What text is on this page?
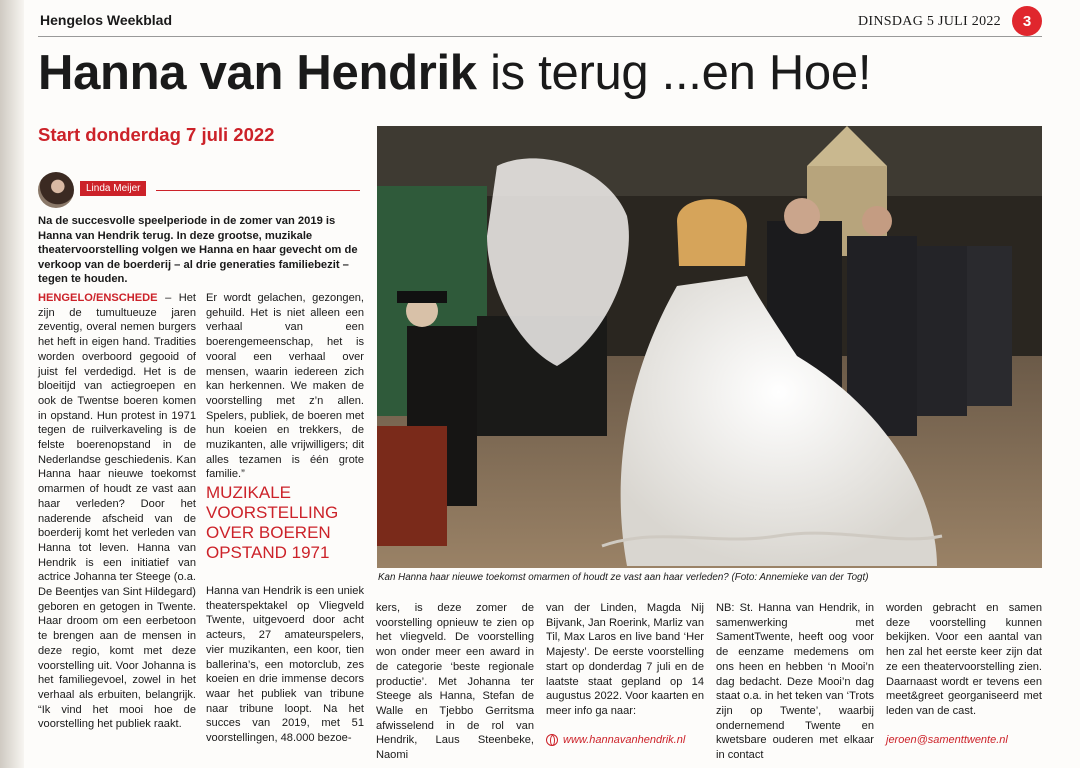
Hengelos Weekblad	DINSDAG 5 JULI 2022	3
Hanna van Hendrik is terug ...en Hoe!
Start donderdag 7 juli 2022
Linda Meijer
Na de succesvolle speelperiode in de zomer van 2019 is Hanna van Hendrik terug. In deze grootse, muzikale theatervoorstelling volgen we Hanna en haar gevecht om de verkoop van de boerderij – al drie generaties familiebezit – tegen te houden.
HENGELO/ENSCHEDE – Het zijn de tumultueuze jaren zeventig, overal nemen burgers het heft in eigen hand. Tradities worden overboord gegooid of juist fel verdedigd. Het is de bloeitijd van actiegroepen en ook de Twentse boeren komen in opstand. Hun protest in 1971 tegen de ruilverkaveling is de felste boerenopstand in de Nederlandse geschiedenis. Kan Hanna haar nieuwe toekomst omarmen of houdt ze vast aan haar verleden? Door het naderende afscheid van de boerderij komt het verleden van Hanna tot leven. Hanna van Hendrik is een initiatief van actrice Johanna ter Steege (o.a. De Beentjes van Sint Hildegard) geboren en getogen in Twente. Haar droom om een eerbetoon te brengen aan de mensen in deze regio, komt met deze voorstelling uit. Voor Johanna is het familiegevoel, zowel in het verhaal als erbuiten, belangrijk. “Ik vind het mooi hoe de voorstelling het publiek raakt.
Er wordt gelachen, gezongen, gehuild. Het is niet alleen een verhaal van een boerengemeenschap, het is vooral een verhaal over mensen, waarin iedereen zich kan herkennen. We maken de voorstelling met z’n allen. Spelers, publiek, de boeren met hun koeien en trekkers, de muzikanten, alle vrijwilligers; dit alles tezamen is één grote familie.”
MUZIKALE VOORSTELLING OVER BOEREN OPSTAND 1971
Hanna van Hendrik is een uniek theaterspektakel op Vliegveld Twente, uitgevoerd door acht acteurs, 27 amateurspelers, vier muzikanten, een koor, tien ballerina’s, een motorclub, zes koeien en drie immense decors waar het publiek van tribune naar tribune loopt. Na het succes van 2019, met 51 voorstellingen, 48.000 bezoe-
Kan Hanna haar nieuwe toekomst omarmen of houdt ze vast aan haar verleden? (Foto: Annemieke van der Togt)
kers, is deze zomer de voorstelling opnieuw te zien op het vliegveld. De voorstelling won onder meer een award in de categorie ‘beste regionale productie’. Met Johanna ter Steege als Hanna, Stefan de Walle en Tjebbo Gerritsma afwisselend in de rol van Hendrik, Laus Steenbeke, Naomi
van der Linden, Magda Nij Bijvank, Jan Roerink, Marliz van Til, Max Laros en live band ‘Her Majesty’. De eerste voorstelling start op donderdag 7 juli en de laatste staat gepland op 14 augustus 2022. Voor kaarten en meer info ga naar:
www.hannavanhendrik.nl
NB: St. Hanna van Hendrik, in samenwerking met SamentTwente, heeft oog voor de eenzame medemens om ons heen en hebben ‘n Mooi’n dag bedacht. Deze Mooi’n dag staat o.a. in het teken van ‘Trots zijn op Twente’, waarbij ondernemend Twente en kwetsbare ouderen met elkaar in contact
worden gebracht en samen deze voorstelling kunnen bekijken. Voor een aantal van hen zal het eerste keer zijn dat ze een theatervoorstelling zien. Daarnaast wordt er tevens een meet&greet georganiseerd met leden van de cast.
jeroen@samenttwente.nl
